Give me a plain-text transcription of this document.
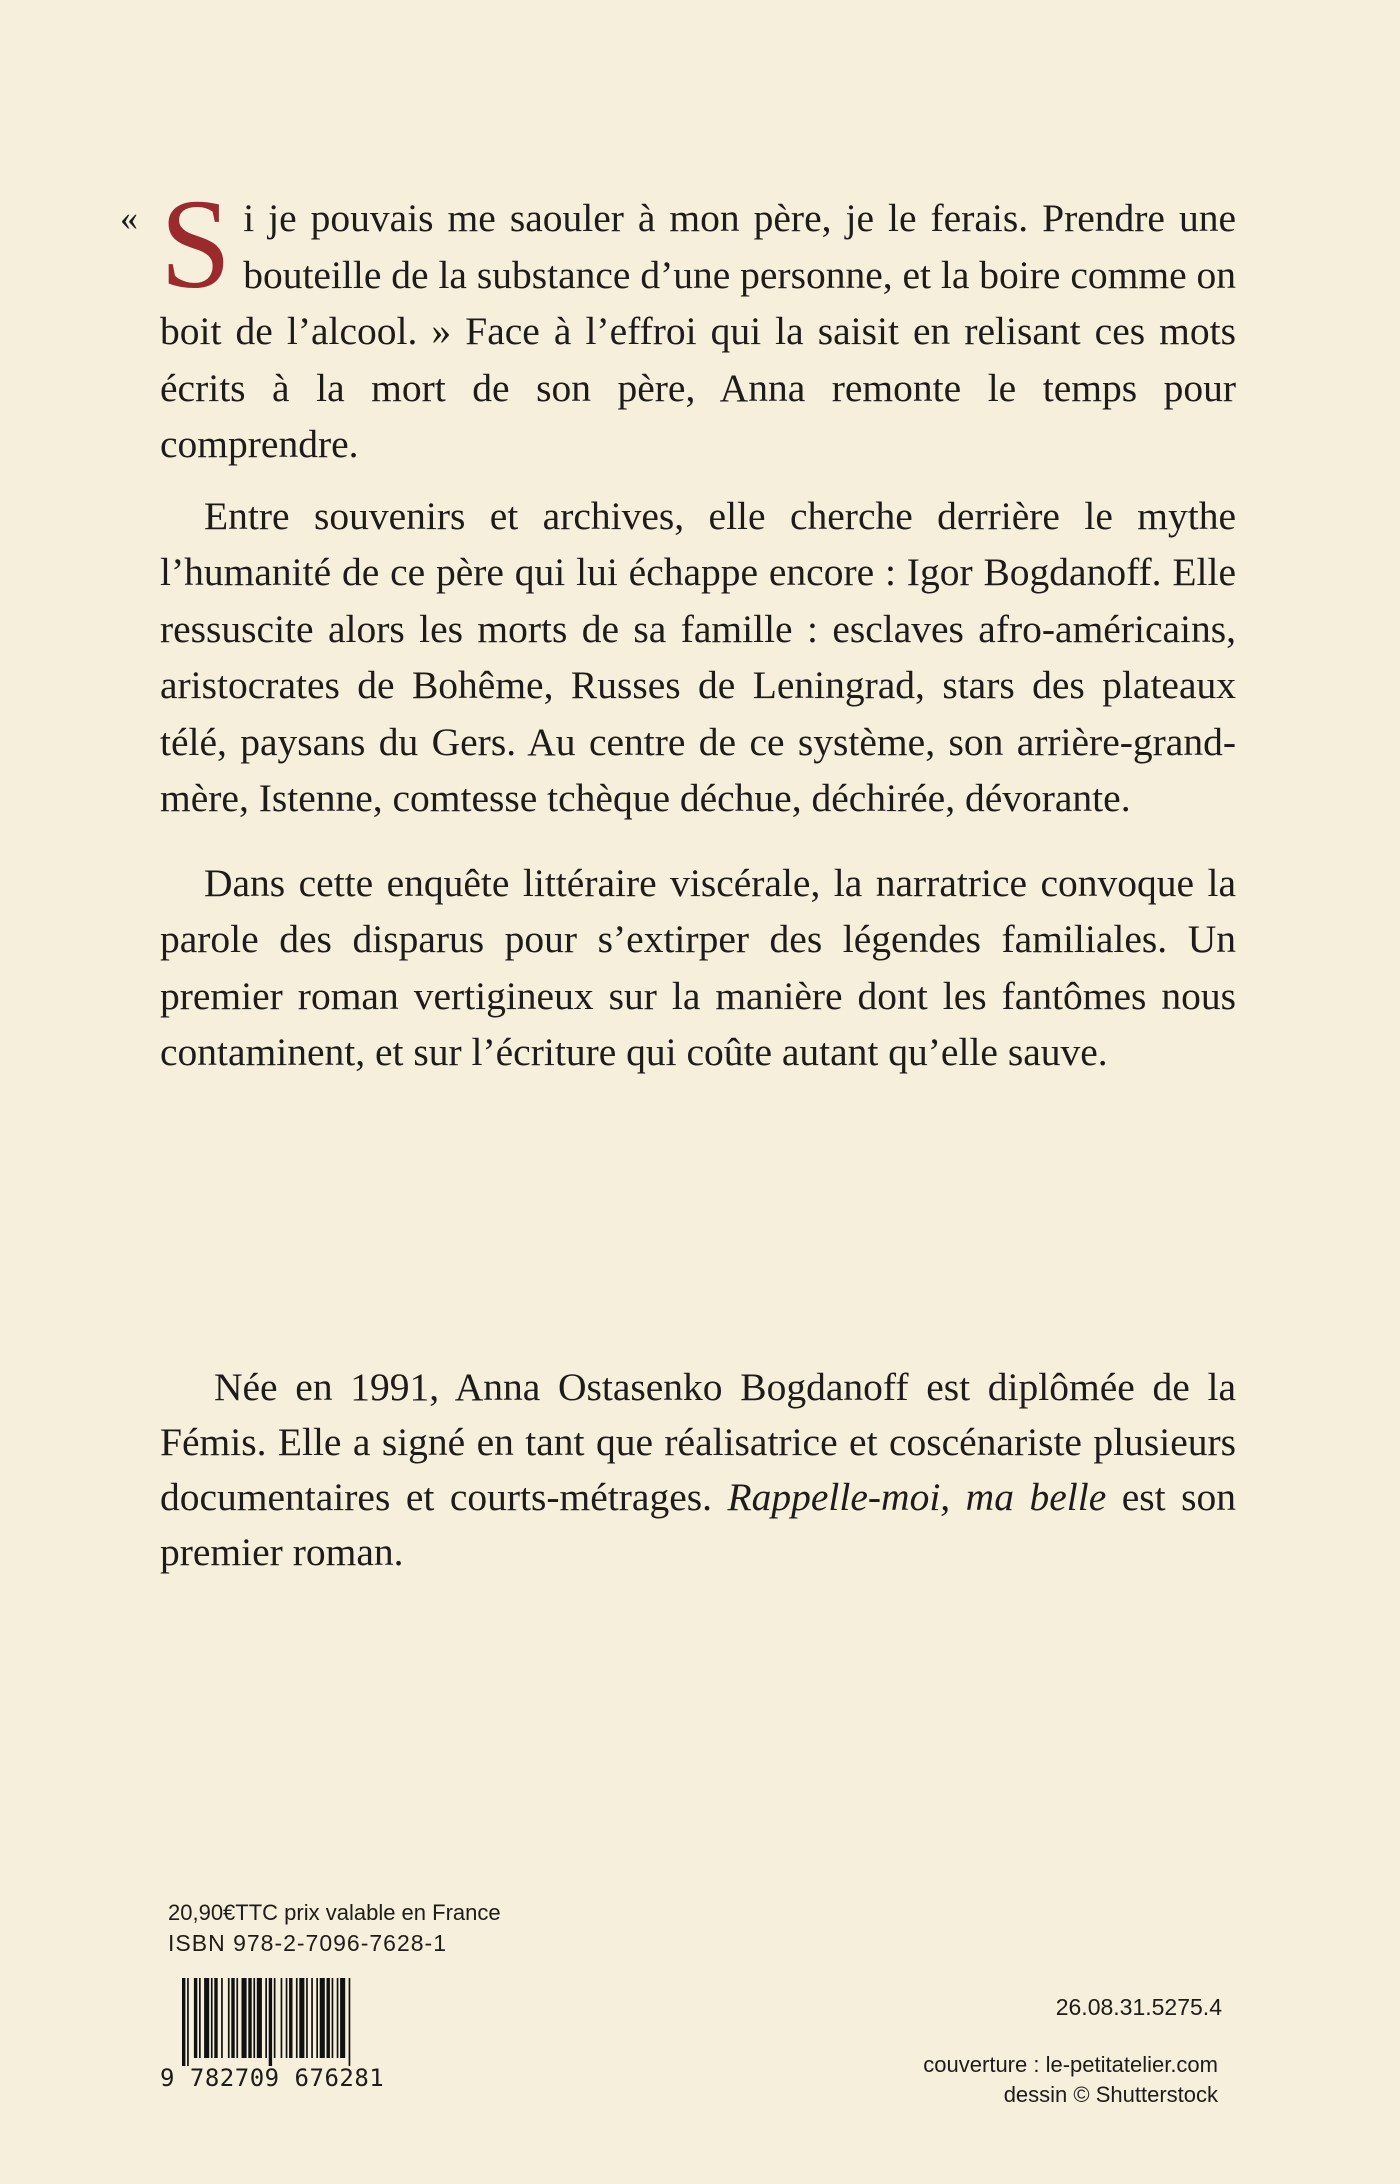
« S i je pouvais me saouler à mon père, je le ferais. Prendre une bouteille de la substance d’une personne, et la boire comme on boit de l’alcool. » Face à l’effroi qui la saisit en relisant ces mots écrits à la mort de son père, Anna remonte le temps pour comprendre.

Entre souvenirs et archives, elle cherche derrière le mythe l’humanité de ce père qui lui échappe encore : Igor Bogdanoff. Elle ressuscite alors les morts de sa famille : esclaves afro-américains, aristocrates de Bohême, Russes de Leningrad, stars des plateaux télé, paysans du Gers. Au centre de ce système, son arrière-grand-mère, Istenne, comtesse tchèque déchue, déchirée, dévorante.

Dans cette enquête littéraire viscérale, la narratrice convoque la parole des disparus pour s’extirper des légendes familiales. Un premier roman vertigineux sur la manière dont les fantômes nous contaminent, et sur l’écriture qui coûte autant qu’elle sauve.

Née en 1991, Anna Ostasenko Bogdanoff est diplômée de la Fémis. Elle a signé en tant que réalisatrice et coscénariste plusieurs documentaires et courts-métrages. Rappelle-moi, ma belle est son premier roman.

20,90€TTC prix valable en France
ISBN 978-2-7096-7628-1
9 782709 676281
26.08.31.5275.4
couverture : le-petitatelier.com
dessin © Shutterstock
